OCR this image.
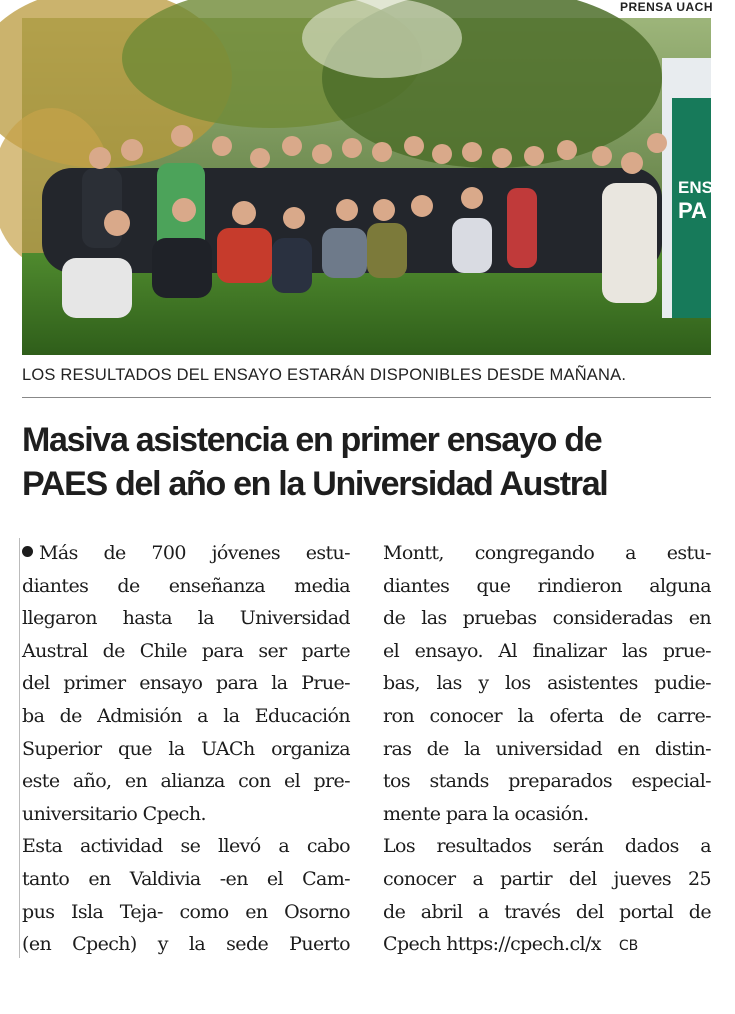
PRENSA UACH
ENSA
PA
LOS RESULTADOS DEL ENSAYO ESTARÁN DISPONIBLES DESDE MAÑANA.
Masiva asistencia en primer ensayo de
PAES del año en la Universidad Austral
Más de 700 jóvenes estu-
diantes de enseñanza media
llegaron hasta la Universidad
Austral de Chile para ser parte
del primer ensayo para la Prue-
ba de Admisión a la Educación
Superior que la UACh organiza
este año, en alianza con el pre-
universitario Cpech.
Esta actividad se llevó a cabo
tanto en Valdivia -en el Cam-
pus Isla Teja- como en Osorno
(en Cpech) y la sede Puerto
Montt, congregando a estu-
diantes que rindieron alguna
de las pruebas consideradas en
el ensayo. Al finalizar las prue-
bas, las y los asistentes pudie-
ron conocer la oferta de carre-
ras de la universidad en distin-
tos stands preparados especial-
mente para la ocasión.
Los resultados serán dados a
conocer a partir del jueves 25
de abril a través del portal de
Cpech https://cpech.cl/x CB
